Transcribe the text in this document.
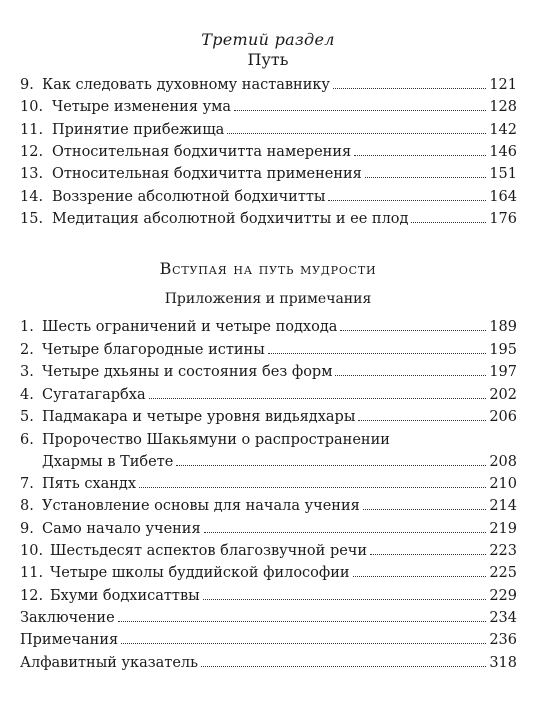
Третий раздел
Путь
9. Как следовать духовному наставнику	121
10. Четыре изменения ума	128
11. Принятие прибежища	142
12. Относительная бодхичитта намерения	146
13. Относительная бодхичитта применения	151
14. Воззрение абсолютной бодхичитты	164
15. Медитация абсолютной бодхичитты и ее плод	176
Вступая на путь мудрости
Приложения и примечания
1. Шесть ограничений и четыре подхода	189
2. Четыре благородные истины	195
3. Четыре дхьяны и состояния без форм	197
4. Сугатагарбха	202
5. Падмакара и четыре уровня видьядхары	206
6. Пророчество Шакьямуни о распространении
Дхармы в Тибете	208
7. Пять схандх	210
8. Установление основы для начала учения	214
9. Само начало учения	219
10. Шестьдесят аспектов благозвучной речи	223
11. Четыре школы буддийской философии	225
12. Бхуми бодхисаттвы	229
Заключение	234
Примечания	236
Алфавитный указатель	318
